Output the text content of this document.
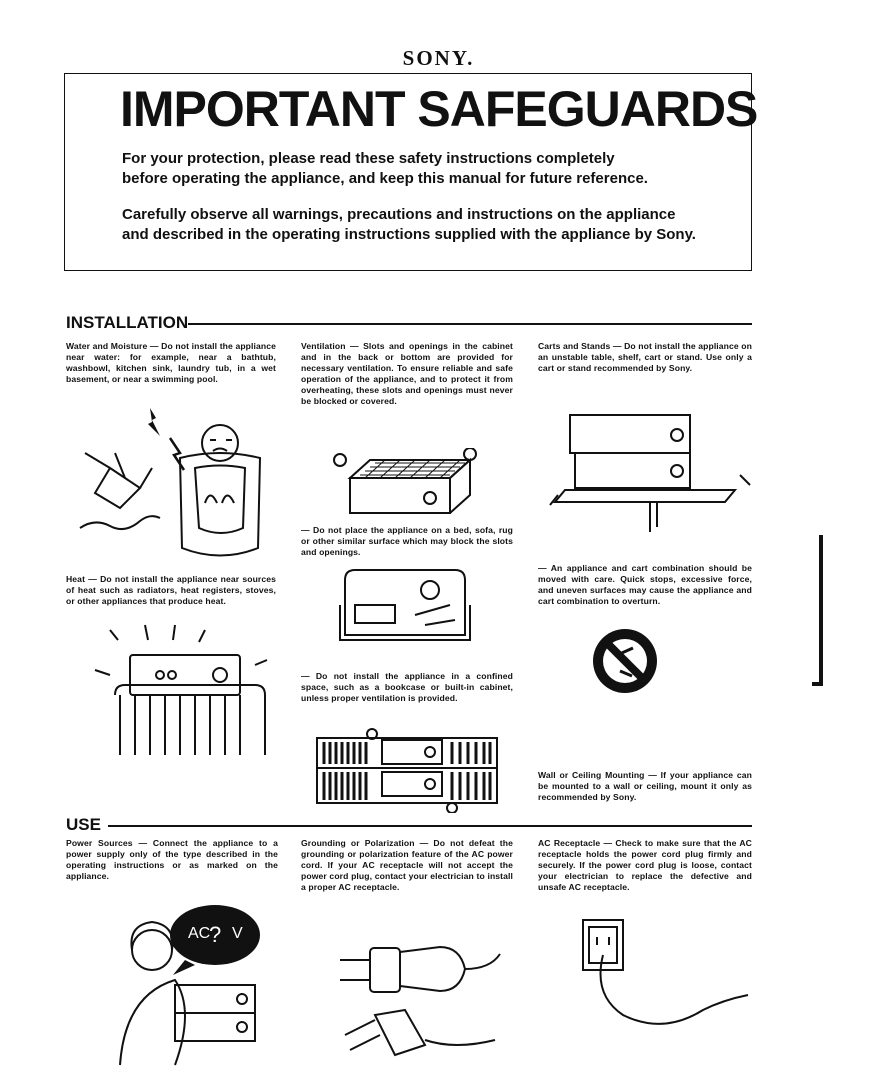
SONY.
IMPORTANT SAFEGUARDS
For your protection, please read these safety instructions completely
before operating the appliance, and keep this manual for future reference.
Carefully observe all warnings, precautions and instructions on the appliance
and described in the operating instructions supplied with the appliance by Sony.
INSTALLATION
Water and Moisture — Do not install the appliance near water: for example, near a bathtub, washbowl, kitchen sink, laundry tub, in a wet basement, or near a swimming pool.
Heat — Do not install the appliance near sources of heat such as radiators, heat registers, stoves, or other appliances that produce heat.
Ventilation — Slots and openings in the cabinet and in the back or bottom are provided for necessary ventilation. To ensure reliable and safe operation of the appliance, and to protect it from overheating, these slots and openings must never be blocked or covered.
— Do not place the appliance on a bed, sofa, rug or other similar surface which may block the slots and openings.
— Do not install the appliance in a confined space, such as a bookcase or built-in cabinet, unless proper ventilation is provided.
Carts and Stands — Do not install the appliance on an unstable table, shelf, cart or stand. Use only a cart or stand recommended by Sony.
— An appliance and cart combination should be moved with care. Quick stops, excessive force, and uneven surfaces may cause the appliance and cart combination to overturn.
Wall or Ceiling Mounting — If your appliance can be mounted to a wall or ceiling, mount it only as recommended by Sony.
USE
Power Sources — Connect the appliance to a power supply only of the type described in the operating instructions or as marked on the appliance.
AC
? V
Grounding or Polarization — Do not defeat the grounding or polarization feature of the AC power cord. If your AC receptacle will not accept the power cord plug, contact your electrician to install a proper AC receptacle.
AC Receptacle — Check to make sure that the AC receptacle holds the power cord plug firmly and securely. If the power cord plug is loose, contact your electrician to replace the defective and unsafe AC receptacle.
